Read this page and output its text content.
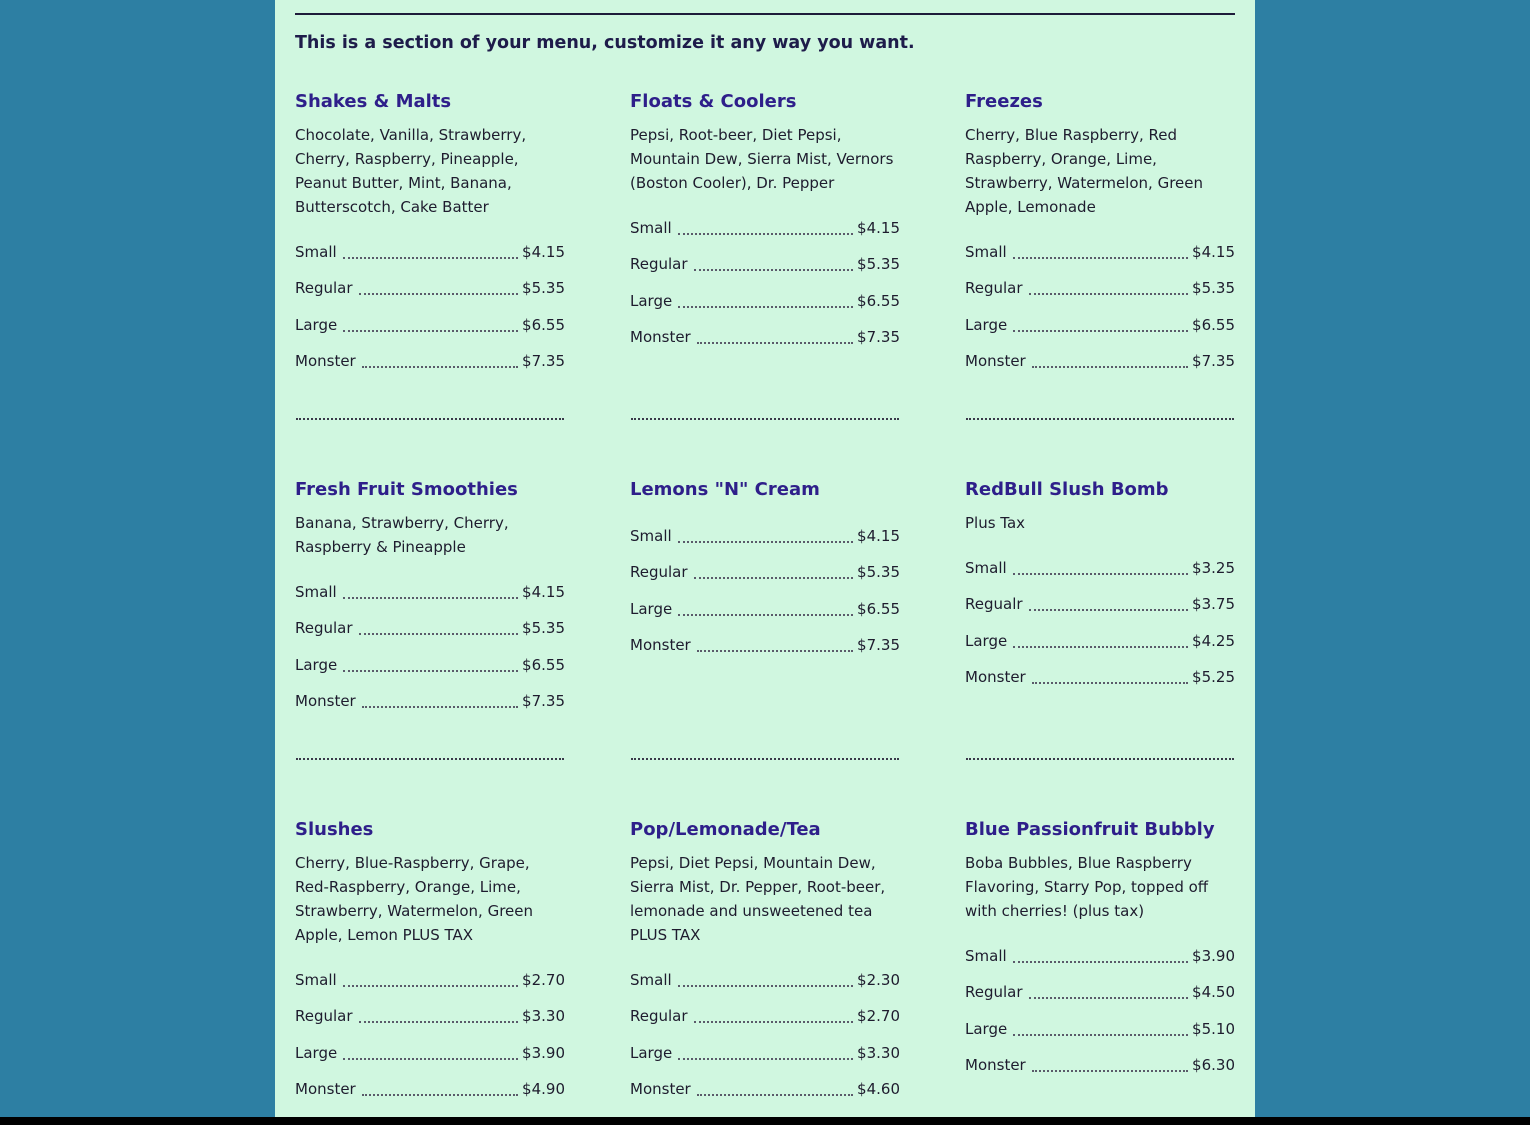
This is a section of your menu, customize it any way you want.

Shakes & Malts

Chocolate, Vanilla, Strawberry, Cherry, Raspberry, Pineapple, Peanut Butter, Mint, Banana, Butterscotch, Cake Batter

Small	$4.15
Regular	$5.35
Large	$6.55
Monster	$7.35
Floats & Coolers

Pepsi, Root-beer, Diet Pepsi, Mountain Dew, Sierra Mist, Vernors (Boston Cooler), Dr. Pepper

Small	$4.15
Regular	$5.35
Large	$6.55
Monster	$7.35
Freezes

Cherry, Blue Raspberry, Red Raspberry, Orange, Lime, Strawberry, Watermelon, Green Apple, Lemonade

Small	$4.15
Regular	$5.35
Large	$6.55
Monster	$7.35
Fresh Fruit Smoothies

Banana, Strawberry, Cherry, Raspberry & Pineapple

Small	$4.15
Regular	$5.35
Large	$6.55
Monster	$7.35
Lemons "N" Cream
Small	$4.15
Regular	$5.35
Large	$6.55
Monster	$7.35
RedBull Slush Bomb

Plus Tax

Small	$3.25
Regualr	$3.75
Large	$4.25
Monster	$5.25
Slushes

Cherry, Blue-Raspberry, Grape, Red-Raspberry, Orange, Lime, Strawberry, Watermelon, Green Apple, Lemon PLUS TAX

Small	$2.70
Regular	$3.30
Large	$3.90
Monster	$4.90
Pop/Lemonade/Tea

Pepsi, Diet Pepsi, Mountain Dew, Sierra Mist, Dr. Pepper, Root-beer, lemonade and unsweetened tea PLUS TAX

Small	$2.30
Regular	$2.70
Large	$3.30
Monster	$4.60
Blue Passionfruit Bubbly

Boba Bubbles, Blue Raspberry Flavoring, Starry Pop, topped off with cherries! (plus tax)

Small	$3.90
Regular	$4.50
Large	$5.10
Monster	$6.30
